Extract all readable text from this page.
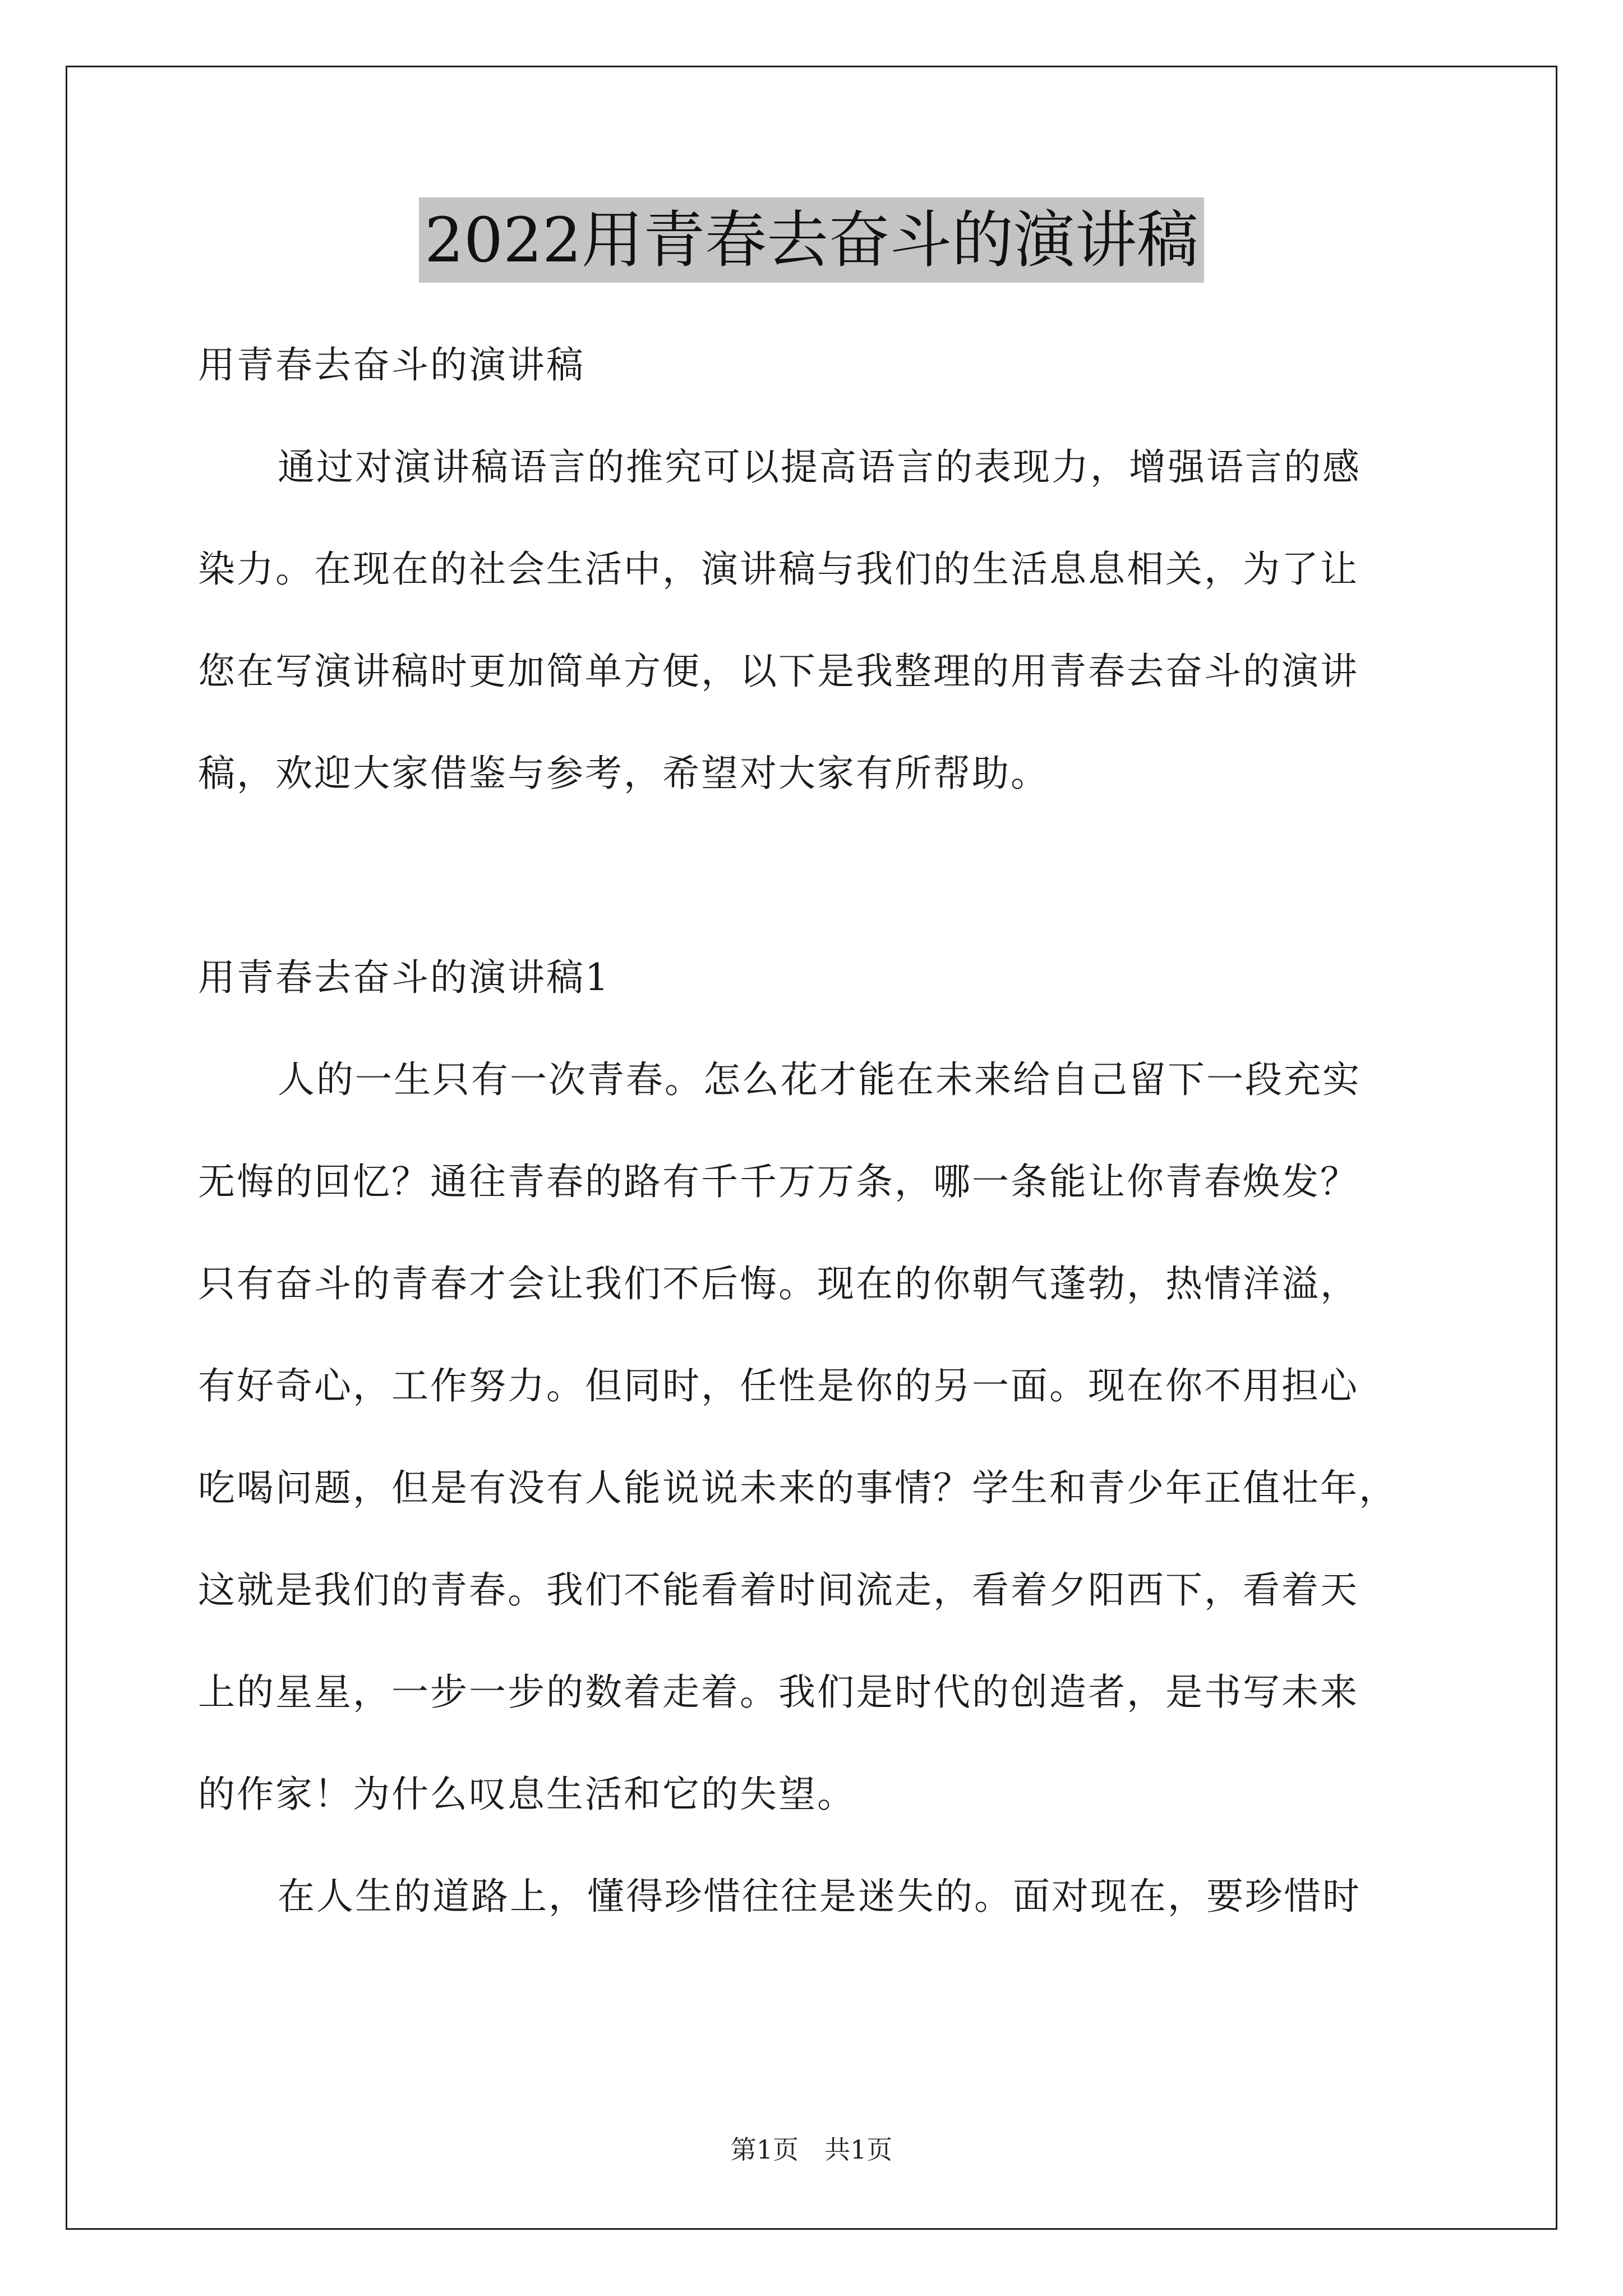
2022用青春去奋斗的演讲稿
用青春去奋斗的演讲稿
通过对演讲稿语言的推究可以提高语言的表现力，增强语言的感
染力。在现在的社会生活中，演讲稿与我们的生活息息相关，为了让
您在写演讲稿时更加简单方便，以下是我整理的用青春去奋斗的演讲
稿，欢迎大家借鉴与参考，希望对大家有所帮助。
用青春去奋斗的演讲稿1
人的一生只有一次青春。怎么花才能在未来给自己留下一段充实
无悔的回忆？通往青春的路有千千万万条，哪一条能让你青春焕发？
只有奋斗的青春才会让我们不后悔。现在的你朝气蓬勃，热情洋溢，
有好奇心，工作努力。但同时，任性是你的另一面。现在你不用担心
吃喝问题，但是有没有人能说说未来的事情？学生和青少年正值壮年，
这就是我们的青春。我们不能看着时间流走，看着夕阳西下，看着天
上的星星，一步一步的数着走着。我们是时代的创造者，是书写未来
的作家！为什么叹息生活和它的失望。
在人生的道路上，懂得珍惜往往是迷失的。面对现在，要珍惜时
第1页　共1页
